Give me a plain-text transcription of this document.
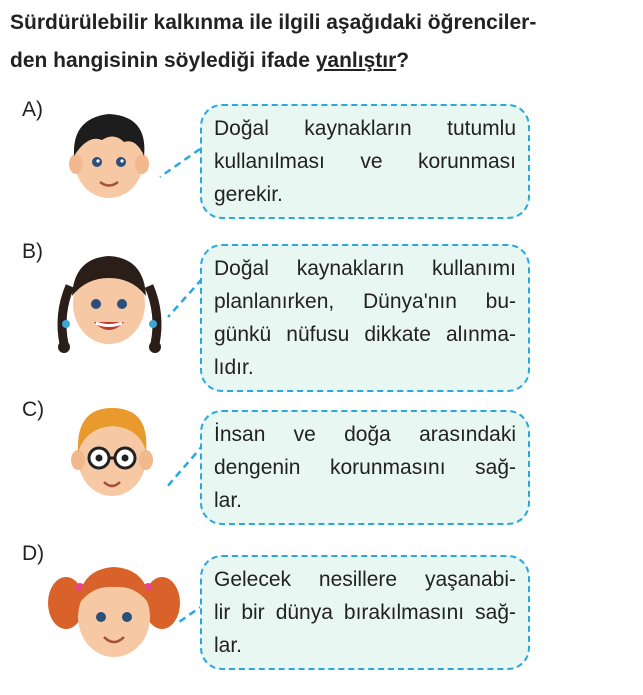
Sürdürülebilir kalkınma ile ilgili aşağıdaki öğrenciler-
den hangisinin söylediği ifade yanlıştır?
A)
Doğal kaynakların tutumlu
kullanılması ve korunması
gerekir.
B)
Doğal kaynakların kullanımı
planlanırken, Dünya'nın bu-
günkü nüfusu dikkate alınma-
lıdır.
C)
İnsan ve doğa arasındaki
dengenin korunmasını sağ-
lar.
D)
Gelecek nesillere yaşanabi-
lir bir dünya bırakılmasını sağ-
lar.
